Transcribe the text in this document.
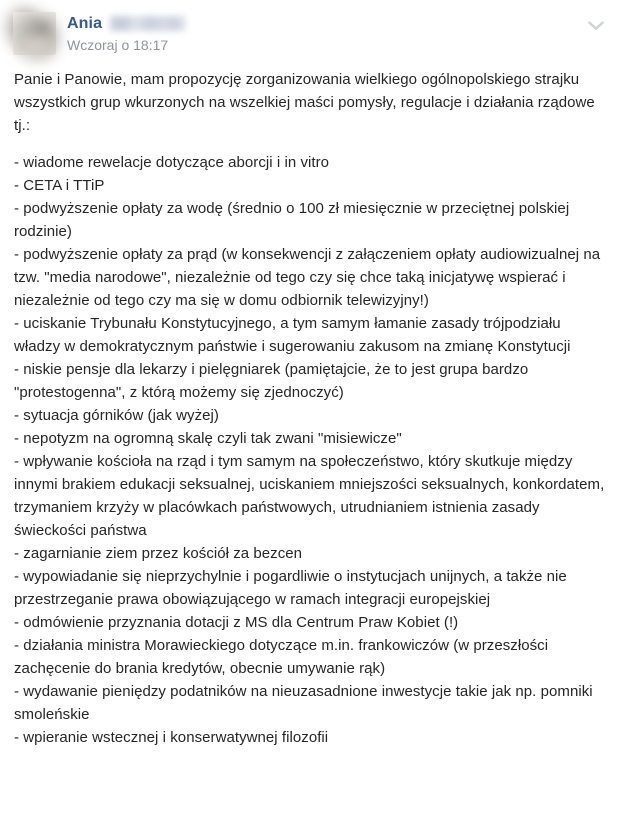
Ania
Wczoraj o 18:17

Panie i Panowie, mam propozycję zorganizowania wielkiego ogólnopolskiego strajku wszystkich grup wkurzonych na wszelkiej maści pomysły, regulacje i działania rządowe tj.:

- wiadome rewelacje dotyczące aborcji i in vitro

- CETA i TTiP

- podwyższenie opłaty za wodę (średnio o 100 zł miesięcznie w przeciętnej polskiej rodzinie)

- podwyższenie opłaty za prąd (w konsekwencji z załączeniem opłaty audiowizualnej na tzw. "media narodowe", niezależnie od tego czy się chce taką inicjatywę wspierać i niezależnie od tego czy ma się w domu odbiornik telewizyjny!)

- uciskanie Trybunału Konstytucyjnego, a tym samym łamanie zasady trójpodziału władzy w demokratycznym państwie i sugerowaniu zakusom na zmianę Konstytucji

- niskie pensje dla lekarzy i pielęgniarek (pamiętajcie, że to jest grupa bardzo "protestogenna", z którą możemy się zjednoczyć)

- sytuacja górników (jak wyżej)

- nepotyzm na ogromną skalę czyli tak zwani "misiewicze"

- wpływanie kościoła na rząd i tym samym na społeczeństwo, który skutkuje między innymi brakiem edukacji seksualnej, uciskaniem mniejszości seksualnych, konkordatem, trzymaniem krzyży w placówkach państwowych, utrudnianiem istnienia zasady świeckości państwa

- zagarnianie ziem przez kościół za bezcen

- wypowiadanie się nieprzychylnie i pogardliwie o instytucjach unijnych, a także nie przestrzeganie prawa obowiązującego w ramach integracji europejskiej

- odmówienie przyznania dotacji z MS dla Centrum Praw Kobiet (!)

- działania ministra Morawieckiego dotyczące m.in. frankowiczów (w przeszłości zachęcenie do brania kredytów, obecnie umywanie rąk)

- wydawanie pieniędzy podatników na nieuzasadnione inwestycje takie jak np. pomniki smoleńskie

- wpieranie wstecznej i konserwatywnej filozofii
